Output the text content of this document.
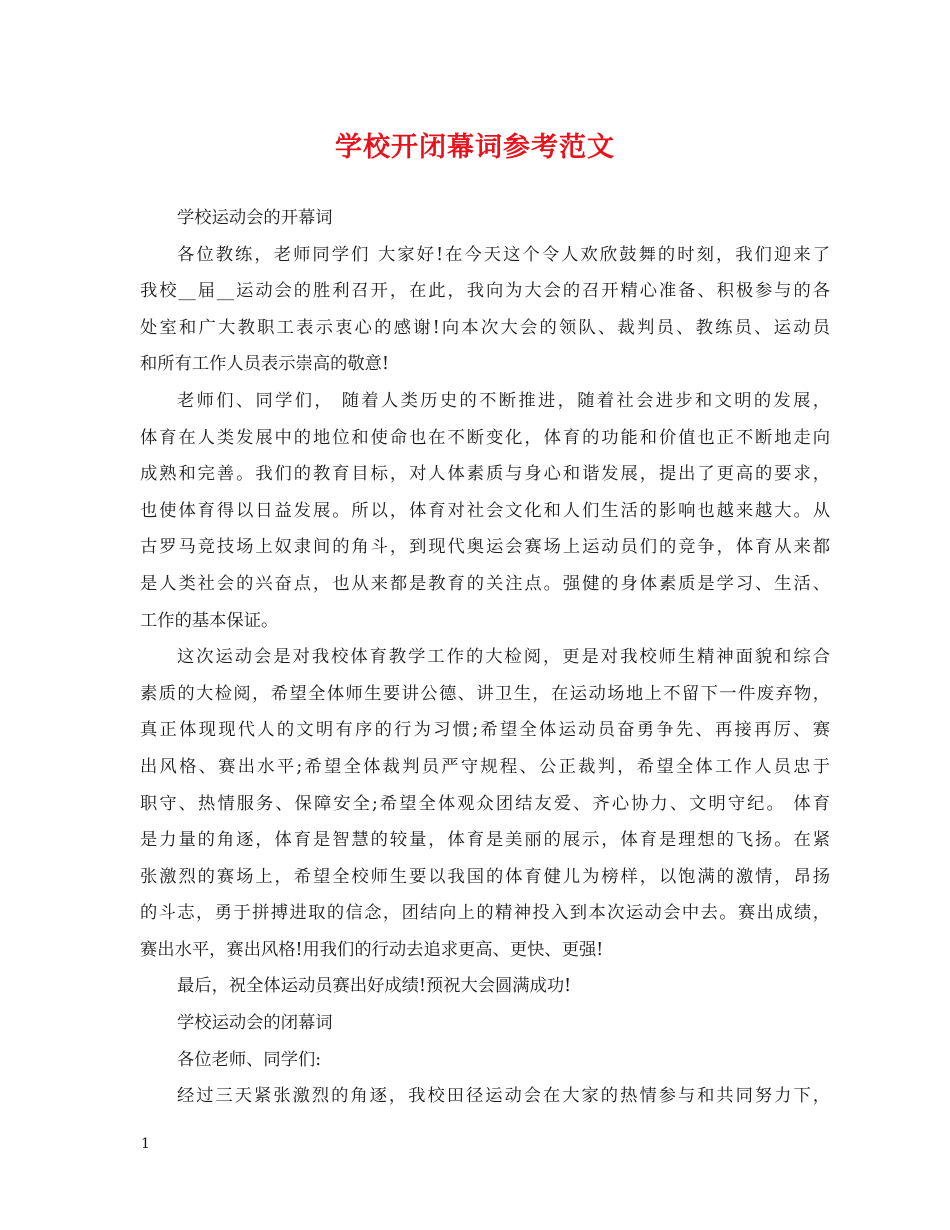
学校开闭幕词参考范文
学校运动会的开幕词
各位教练，老师同学们 大家好!在今天这个令人欢欣鼓舞的时刻，我们迎来了
我校__届__运动会的胜利召开，在此，我向为大会的召开精心准备、积极参与的各
处室和广大教职工表示衷心的感谢!向本次大会的领队、裁判员、教练员、运动员
和所有工作人员表示崇高的敬意!
老师们、同学们， 随着人类历史的不断推进，随着社会进步和文明的发展，
体育在人类发展中的地位和使命也在不断变化，体育的功能和价值也正不断地走向
成熟和完善。我们的教育目标，对人体素质与身心和谐发展，提出了更高的要求，
也使体育得以日益发展。所以，体育对社会文化和人们生活的影响也越来越大。从
古罗马竞技场上奴隶间的角斗，到现代奥运会赛场上运动员们的竞争，体育从来都
是人类社会的兴奋点，也从来都是教育的关注点。强健的身体素质是学习、生活、
工作的基本保证。
这次运动会是对我校体育教学工作的大检阅，更是对我校师生精神面貌和综合
素质的大检阅，希望全体师生要讲公德、讲卫生，在运动场地上不留下一件废弃物，
真正体现现代人的文明有序的行为习惯;希望全体运动员奋勇争先、再接再厉、赛
出风格、赛出水平;希望全体裁判员严守规程、公正裁判，希望全体工作人员忠于
职守、热情服务、保障安全;希望全体观众团结友爱、齐心协力、文明守纪。 体育
是力量的角逐，体育是智慧的较量，体育是美丽的展示，体育是理想的飞扬。在紧
张激烈的赛场上，希望全校师生要以我国的体育健儿为榜样，以饱满的激情，昂扬
的斗志，勇于拼搏进取的信念，团结向上的精神投入到本次运动会中去。赛出成绩，
赛出水平，赛出风格!用我们的行动去追求更高、更快、更强!
最后，祝全体运动员赛出好成绩!预祝大会圆满成功!
学校运动会的闭幕词
各位老师、同学们:
经过三天紧张激烈的角逐，我校田径运动会在大家的热情参与和共同努力下，
1
